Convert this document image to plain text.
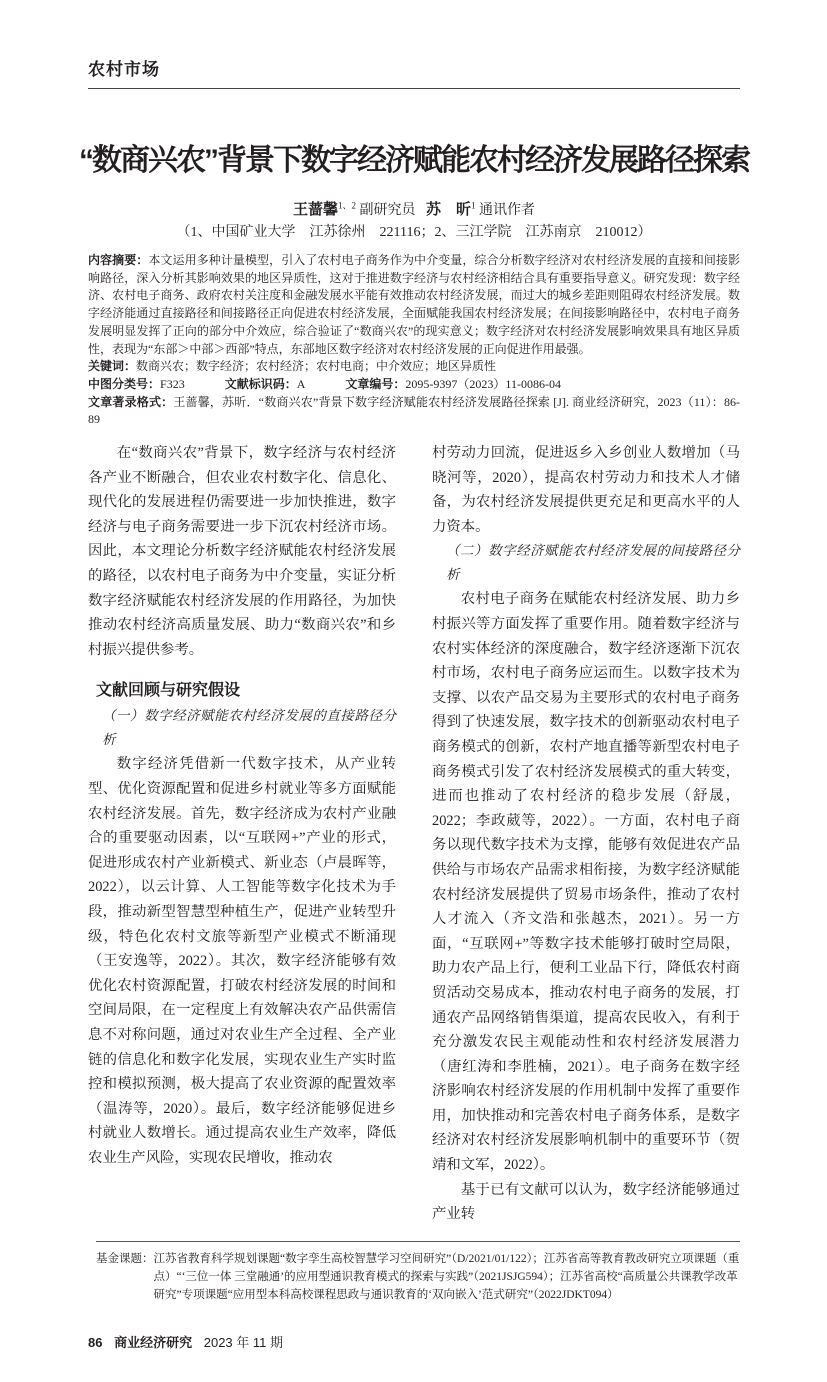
农村市场
“数商兴农”背景下数字经济赋能农村经济发展路径探索
王蔷馨$^{1、2}$ 副研究员 苏　昕$^1$ 通讯作者
（1、中国矿业大学　江苏徐州　221116；2、三江学院　江苏南京　210012）

内容摘要：本文运用多种计量模型，引入了农村电子商务作为中介变量，综合分析数字经济对农村经济发展的直接和间接影响路径，深入分析其影响效果的地区异质性，这对于推进数字经济与农村经济相结合具有重要指导意义。研究发现：数字经济、农村电子商务、政府农村关注度和金融发展水平能有效推动农村经济发展，而过大的城乡差距则阻碍农村经济发展。数字经济能通过直接路径和间接路径正向促进农村经济发展，全面赋能我国农村经济发展；在间接影响路径中，农村电子商务发展明显发挥了正向的部分中介效应，综合验证了“数商兴农”的现实意义；数字经济对农村经济发展影响效果具有地区异质性，表现为“东部＞中部＞西部”特点，东部地区数字经济对农村经济发展的正向促进作用最强。

关键词：数商兴农；数字经济；农村经济；农村电商；中介效应；地区异质性

中图分类号：F323	文献标识码：A	文章编号：2095-9397（2023）11-0086-04

文章著录格式：王蔷馨，苏昕．“数商兴农”背景下数字经济赋能农村经济发展路径探索 [J]. 商业经济研究，2023（11）：86-89

在“数商兴农”背景下，数字经济与农村经济各产业不断融合，但农业农村数字化、信息化、现代化的发展进程仍需要进一步加快推进，数字经济与电子商务需要进一步下沉农村经济市场。因此，本文理论分析数字经济赋能农村经济发展的路径，以农村电子商务为中介变量，实证分析数字经济赋能农村经济发展的作用路径，为加快推动农村经济高质量发展、助力“数商兴农”和乡村振兴提供参考。

文献回顾与研究假设
（一）数字经济赋能农村经济发展的直接路径分析

数字经济凭借新一代数字技术，从产业转型、优化资源配置和促进乡村就业等多方面赋能农村经济发展。首先，数字经济成为农村产业融合的重要驱动因素，以“互联网+”产业的形式，促进形成农村产业新模式、新业态（卢晨晖等，2022），以云计算、人工智能等数字化技术为手段，推动新型智慧型种植生产，促进产业转型升级，特色化农村文旅等新型产业模式不断涌现（王安逸等，2022）。其次，数字经济能够有效优化农村资源配置，打破农村经济发展的时间和空间局限，在一定程度上有效解决农产品供需信息不对称问题，通过对农业生产全过程、全产业链的信息化和数字化发展，实现农业生产实时监控和模拟预测，极大提高了农业资源的配置效率（温涛等，2020）。最后，数字经济能够促进乡村就业人数增长。通过提高农业生产效率，降低农业生产风险，实现农民增收，推动农

村劳动力回流，促进返乡入乡创业人数增加（马晓河等，2020），提高农村劳动力和技术人才储备，为农村经济发展提供更充足和更高水平的人力资本。

（二）数字经济赋能农村经济发展的间接路径分析

农村电子商务在赋能农村经济发展、助力乡村振兴等方面发挥了重要作用。随着数字经济与农村实体经济的深度融合，数字经济逐渐下沉农村市场，农村电子商务应运而生。以数字技术为支撑、以农产品交易为主要形式的农村电子商务得到了快速发展，数字技术的创新驱动农村电子商务模式的创新，农村产地直播等新型农村电子商务模式引发了农村经济发展模式的重大转变，进而也推动了农村经济的稳步发展（舒晟，2022；李政葳等，2022）。一方面，农村电子商务以现代数字技术为支撑，能够有效促进农产品供给与市场农产品需求相衔接，为数字经济赋能农村经济发展提供了贸易市场条件，推动了农村人才流入（齐文浩和张越杰，2021）。另一方面，“互联网+”等数字技术能够打破时空局限，助力农产品上行，便利工业品下行，降低农村商贸活动交易成本，推动农村电子商务的发展，打通农产品网络销售渠道，提高农民收入，有利于充分激发农民主观能动性和农村经济发展潜力（唐红涛和李胜楠，2021）。电子商务在数字经济影响农村经济发展的作用机制中发挥了重要作用，加快推动和完善农村电子商务体系，是数字经济对农村经济发展影响机制中的重要环节（贺靖和文军，2022）。

基于已有文献可以认为，数字经济能够通过产业转

基金课题： 江苏省教育科学规划课题“数字孪生高校智慧学习空间研究”（D/2021/01/122）；江苏省高等教育教改研究立项课题（重点）“‘三位一体 三堂融通’的应用型通识教育模式的探索与实践”（2021JSJG594）；江苏省高校“高质量公共课教学改革研究”专项课题“应用型本科高校课程思政与通识教育的‘双向嵌入’范式研究”（2022JDKT094）
86 商业经济研究 2023 年 11 期
